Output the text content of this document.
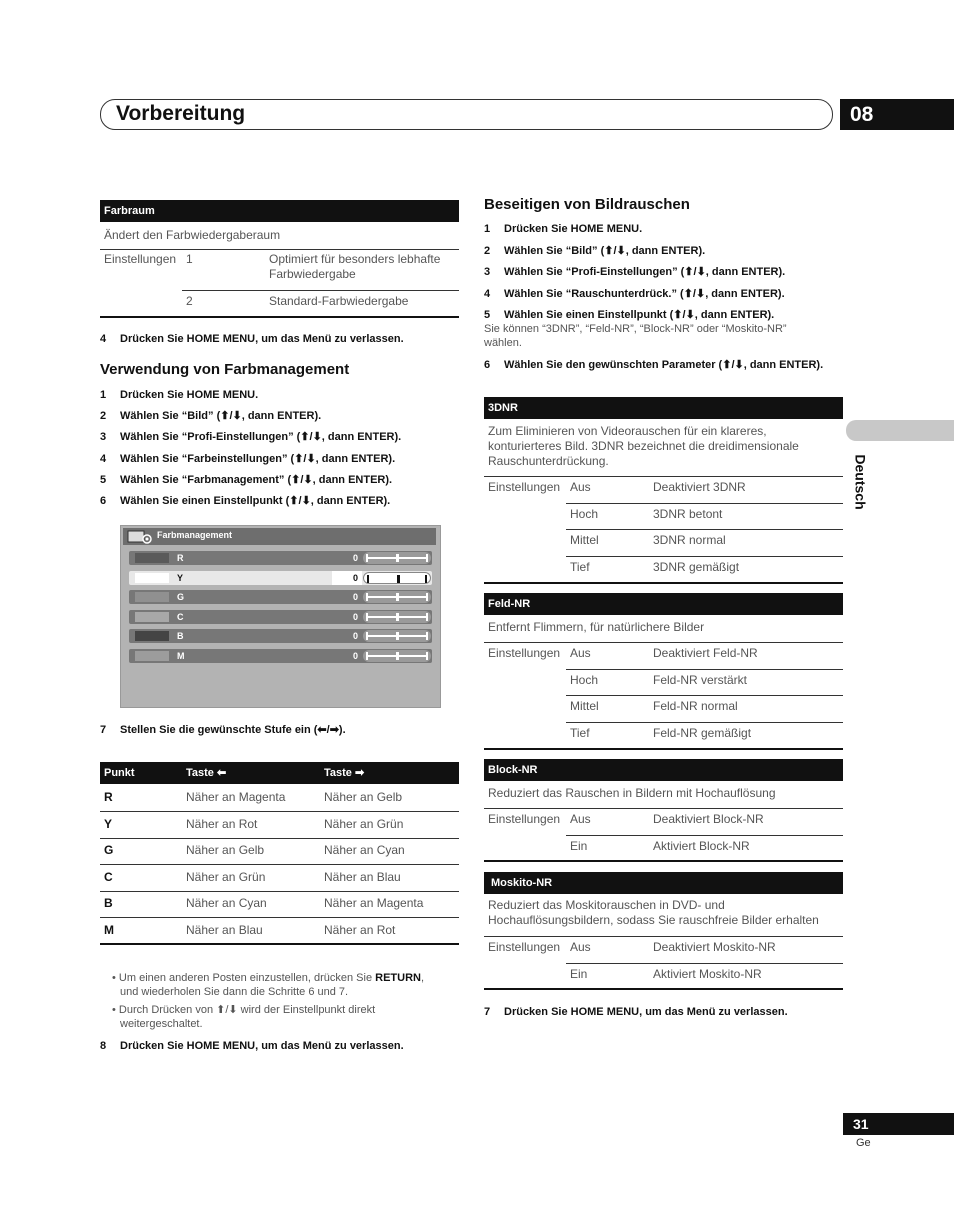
Vorbereitung	08
Deutsch
Farbraum
Ändert den Farbwiedergaberaum
Einstellungen 1	Optimiert für besonders lebhafte Farbwiedergabe
2	Standard-Farbwiedergabe
4 Drücken Sie HOME MENU, um das Menü zu verlassen.
Verwendung von Farbmanagement
1 Drücken Sie HOME MENU.
2 Wählen Sie “Bild” (⬆/⬇, dann ENTER).
3 Wählen Sie “Profi-Einstellungen” (⬆/⬇, dann ENTER).
4 Wählen Sie “Farbeinstellungen” (⬆/⬇, dann ENTER).
5 Wählen Sie “Farbmanagement” (⬆/⬇, dann ENTER).
6 Wählen Sie einen Einstellpunkt (⬆/⬇, dann ENTER).
Farbmanagement
R	0
Y	0
G	0
C	0
B	0
M	0
7 Stellen Sie die gewünschte Stufe ein (⬅/➡).
Punkt	Taste ⬅	Taste ➡
R	Näher an Magenta	Näher an Gelb
Y	Näher an Rot	Näher an Grün
G	Näher an Gelb	Näher an Cyan
C	Näher an Grün	Näher an Blau
B	Näher an Cyan	Näher an Magenta
M	Näher an Blau	Näher an Rot
• Um einen anderen Posten einzustellen, drücken Sie RETURN,
und wiederholen Sie dann die Schritte 6 und 7.
• Durch Drücken von ⬆/⬇ wird der Einstellpunkt direkt
weitergeschaltet.
8 Drücken Sie HOME MENU, um das Menü zu verlassen.
Beseitigen von Bildrauschen
1 Drücken Sie HOME MENU.
2 Wählen Sie “Bild” (⬆/⬇, dann ENTER).
3 Wählen Sie “Profi-Einstellungen” (⬆/⬇, dann ENTER).
4 Wählen Sie “Rauschunterdrück.” (⬆/⬇, dann ENTER).
5 Wählen Sie einen Einstellpunkt (⬆/⬇, dann ENTER).
Sie können “3DNR”, “Feld-NR”, “Block-NR” oder “Moskito-NR”
wählen.
6 Wählen Sie den gewünschten Parameter (⬆/⬇, dann ENTER).
3DNR
Zum Eliminieren von Videorauschen für ein klareres,
konturierteres Bild. 3DNR bezeichnet die dreidimensionale
Rauschunterdrückung.
Einstellungen Aus	Deaktiviert 3DNR
Hoch	3DNR betont
Mittel	3DNR normal
Tief	3DNR gemäßigt
Feld-NR
Entfernt Flimmern, für natürlichere Bilder
Einstellungen Aus	Deaktiviert Feld-NR
Hoch	Feld-NR verstärkt
Mittel	Feld-NR normal
Tief	Feld-NR gemäßigt
Block-NR
Reduziert das Rauschen in Bildern mit Hochauflösung
Einstellungen Aus	Deaktiviert Block-NR
Ein	Aktiviert Block-NR
Moskito-NR
Reduziert das Moskitorauschen in DVD- und
Hochauflösungsbildern, sodass Sie rauschfreie Bilder erhalten
Einstellungen Aus	Deaktiviert Moskito-NR
Ein	Aktiviert Moskito-NR
7 Drücken Sie HOME MENU, um das Menü zu verlassen.
31
Ge
